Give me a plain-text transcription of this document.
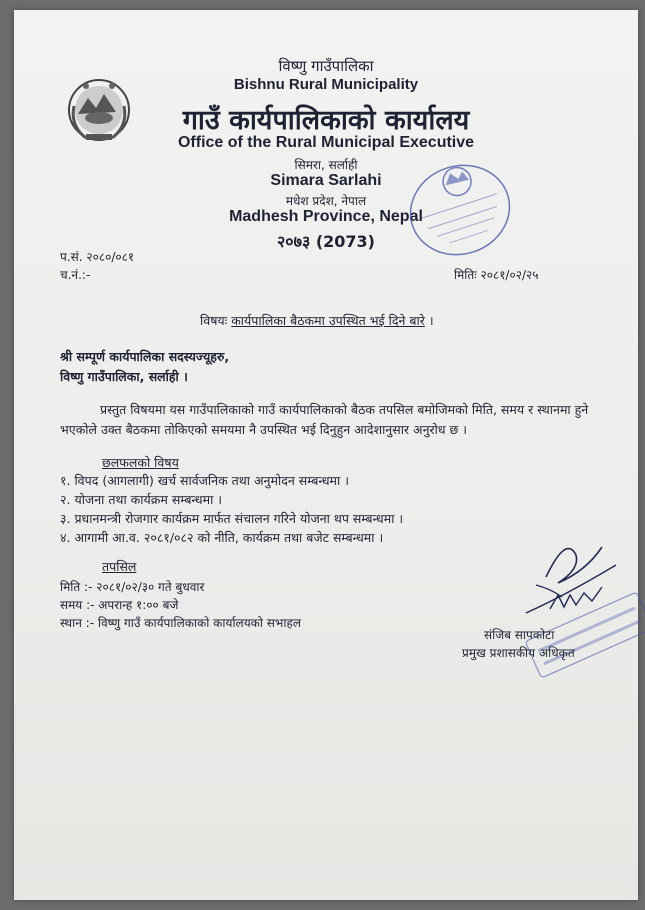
विष्णु गाउँपालिका
Bishnu Rural Municipality
गाउँ कार्यपालिकाको कार्यालय
Office of the Rural Municipal Executive
सिमरा, सर्लाही
Simara Sarlahi
मधेश प्रदेश, नेपाल
Madhesh Province, Nepal
२०७३ (2073)
प.सं. २०८०/०८१
च.नं.:-	मितिः २०८१/०२/२५
विषयः कार्यपालिका बैठकमा उपस्थित भई दिने बारे ।
श्री सम्पूर्ण कार्यपालिका सदस्यज्यूहरु,
विष्णु गाउँपालिका, सर्लाही ।
प्रस्तुत विषयमा यस गाउँपालिकाको गाउँ कार्यपालिकाको बैठक तपसिल बमोजिमको मिति, समय र स्थानमा हुने भएकोले उक्त बैठकमा तोकिएको समयमा नै उपस्थित भई दिनुहुन आदेशानुसार अनुरोध छ ।
छलफलको विषय
१. विपद (आगलागी) खर्च सार्वजनिक तथा अनुमोदन सम्बन्धमा ।
२. योजना तथा कार्यक्रम सम्बन्धमा ।
३. प्रधानमन्त्री रोजगार कार्यक्रम मार्फत संचालन गरिने योजना थप सम्बन्धमा ।
४. आगामी आ.व. २०८१/०८२ को नीति, कार्यक्रम तथा बजेट सम्बन्धमा ।
तपसिल
मिति :- २०८१/०२/३० गते बुधवार
समय :- अपरान्ह १:०० बजे
स्थान :- विष्णु गाउँ कार्यपालिकाको कार्यालयको सभाहल
संजिब सापकोटा
प्रमुख प्रशासकीय अधिकृत
